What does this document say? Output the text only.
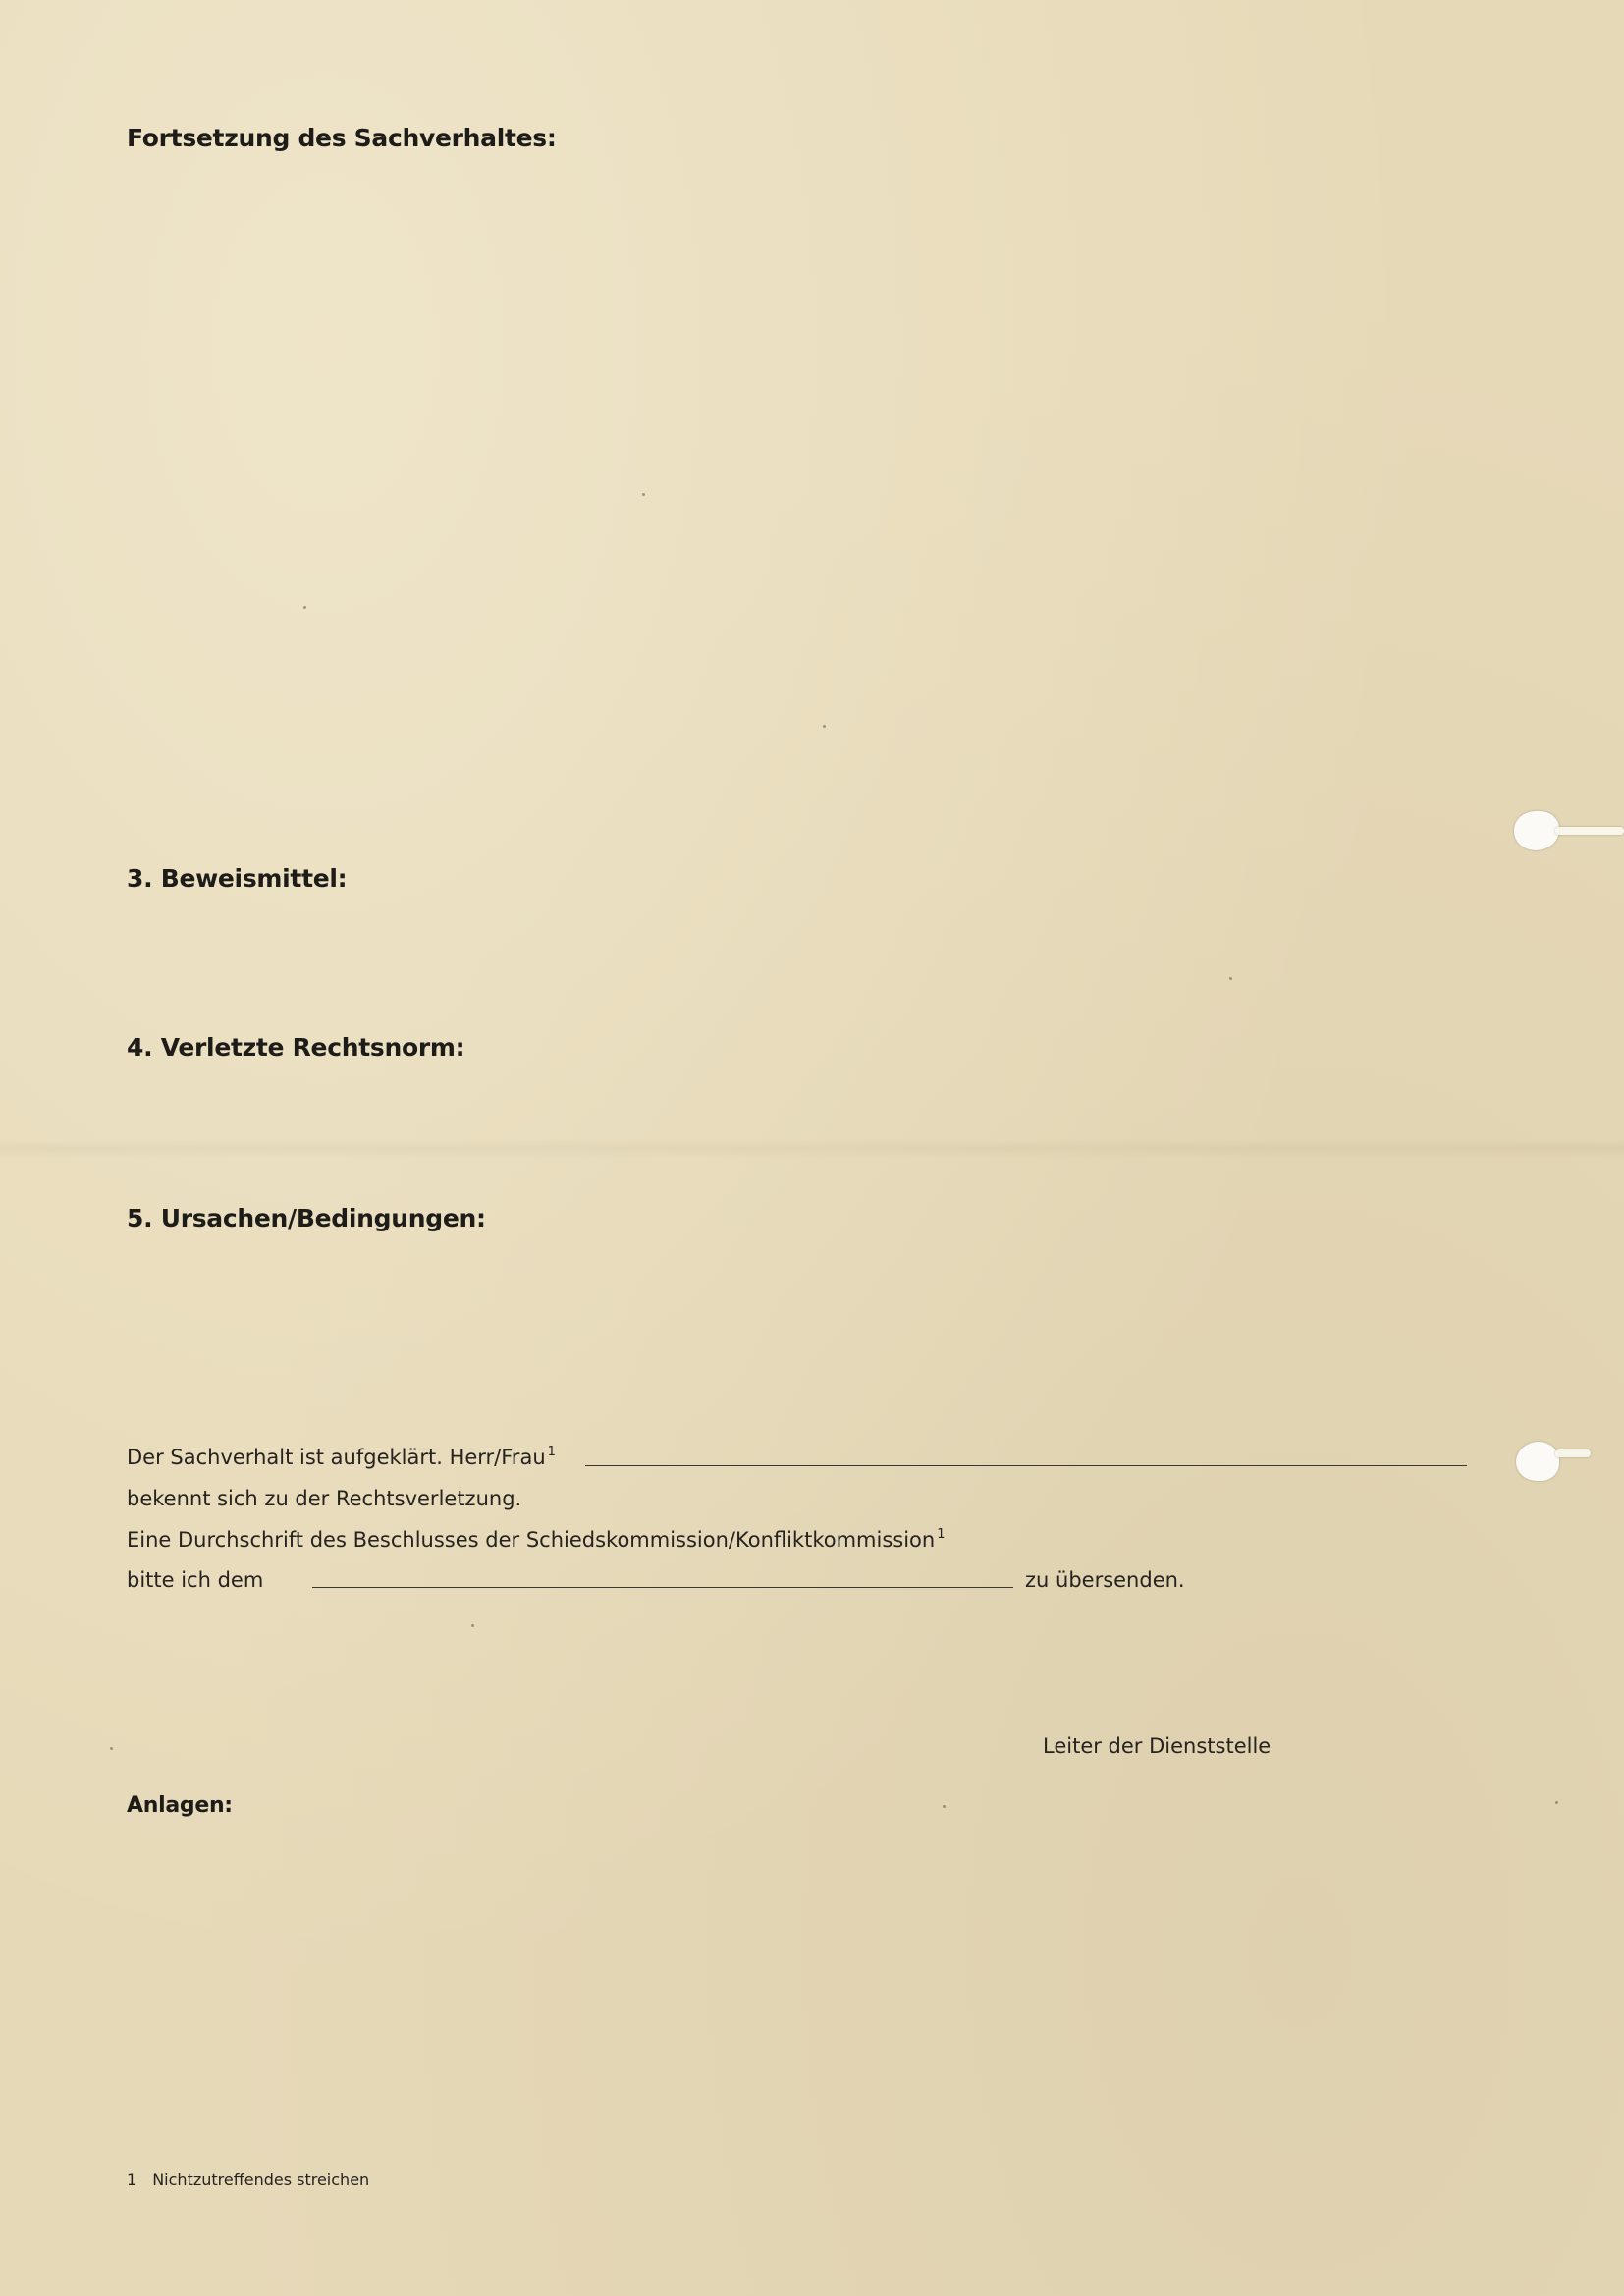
Fortsetzung des Sachverhaltes:
3. Beweismittel:
4. Verletzte Rechtsnorm:
5. Ursachen/Bedingungen:
Der Sachverhalt ist aufgeklärt. Herr/Frau $^1$
bekennt sich zu der Rechtsverletzung.
Eine Durchschrift des Beschlusses der Schiedskommission/Konfliktkommission $^1$
bitte ich dem	zu übersenden.
Leiter der Dienststelle
Anlagen:
1 Nichtzutreffendes streichen
